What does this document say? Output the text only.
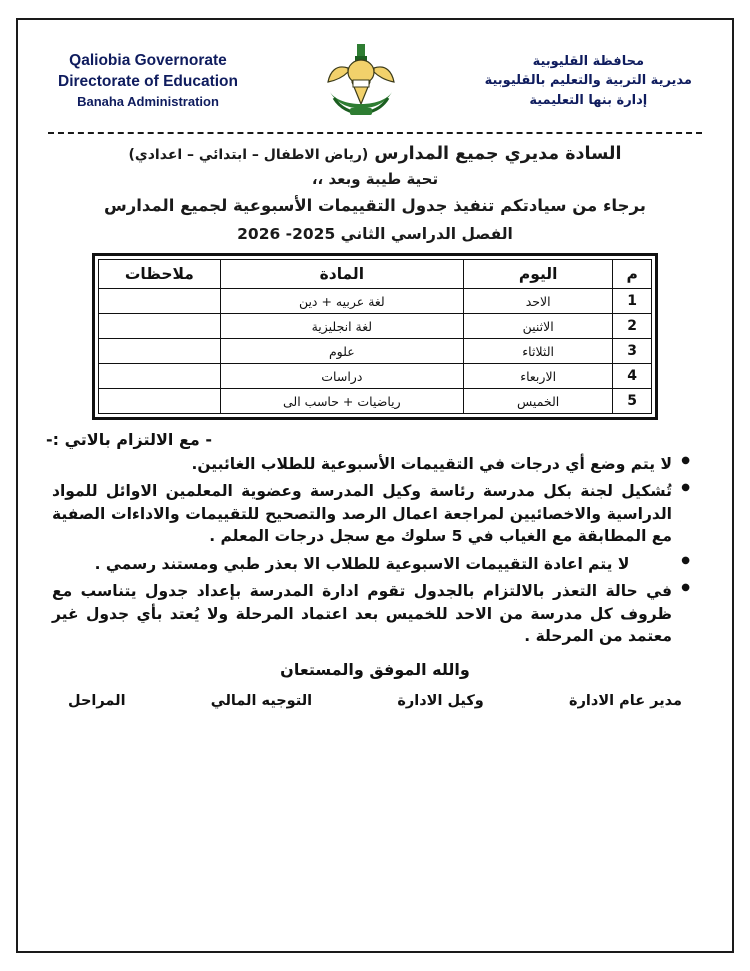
Qaliobia Governorate
Directorate of Education
Banaha Administration
محافظة القليوبية
مديرية التربية والتعليم بالقليوبية
إدارة بنها التعليمية
السادة مديري جميع المدارس (رياض الاطفال – ابتدائي – اعدادي)
تحية طيبة وبعد ،،
برجاء من سيادتكم تنفيذ جدول التقييمات الأسبوعية لجميع المدارس
الفصل الدراسي الثاني 2025- 2026
م	اليوم	المادة	ملاحظات
1	الاحد	لغة عربيه + دين	
2	الاثنين	لغة انجليزية	
3	الثلاثاء	علوم	
4	الاربعاء	دراسات	
5	الخميس	رياضيات + حاسب الى	
- مع الالتزام بالاتي :-
● لا يتم وضع أي درجات في التقييمات الأسبوعية للطلاب الغائبين.
● تُشكيل لجنة بكل مدرسة رئاسة وكيل المدرسة وعضوية المعلمين الاوائل للمواد الدراسية والاخصائيين لمراجعة اعمال الرصد والتصحيح للتقييمات والاداءات الصفية مع المطابقة مع الغياب في 5 سلوك مع سجل درجات المعلم .
● لا يتم اعادة التقييمات الاسبوعية للطلاب الا بعذر طبي ومستند رسمي .
● في حالة التعذر بالالتزام بالجدول تقوم ادارة المدرسة بإعداد جدول يتناسب مع ظروف كل مدرسة من الاحد للخميس بعد اعتماد المرحلة ولا يُعتد بأي جدول غير معتمد من المرحلة .
والله الموفق والمستعان
مدير عام الادارة
وكيل الادارة
التوجيه المالي
المراحل
